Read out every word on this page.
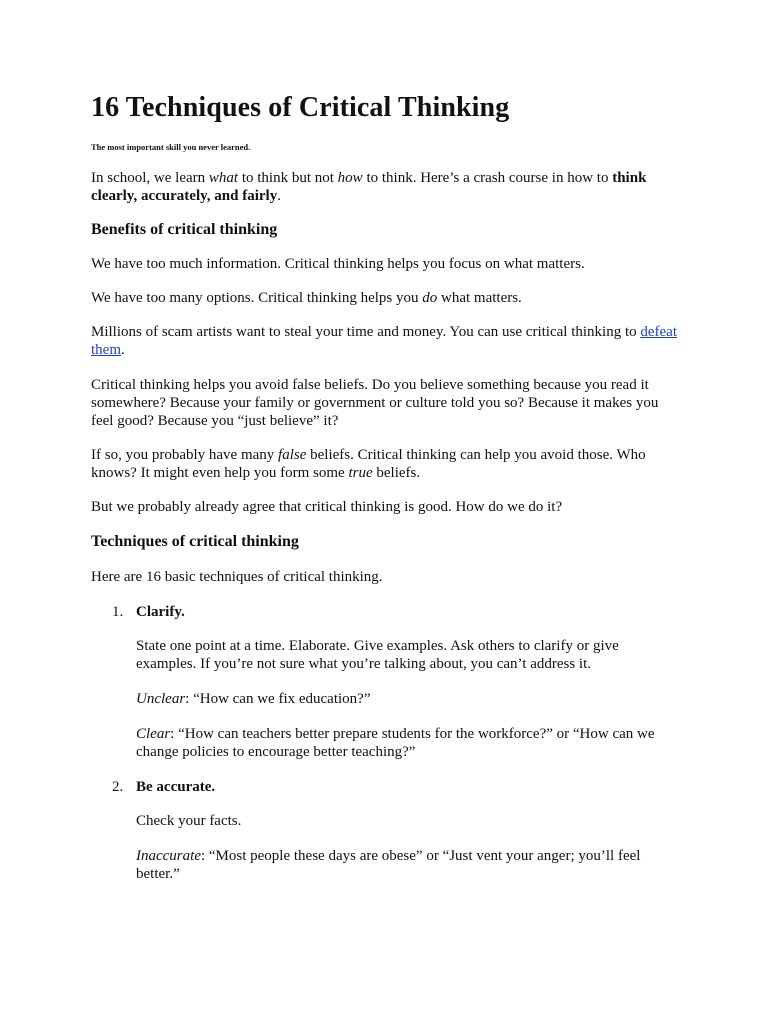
16 Techniques of Critical Thinking
The most important skill you never learned.

In school, we learn what to think but not how to think. Here’s a crash course in how to think clearly, accurately, and fairly.

Benefits of critical thinking

We have too much information. Critical thinking helps you focus on what matters.

We have too many options. Critical thinking helps you do what matters.

Millions of scam artists want to steal your time and money. You can use critical thinking to defeat them.

Critical thinking helps you avoid false beliefs. Do you believe something because you read it somewhere? Because your family or government or culture told you so? Because it makes you feel good? Because you “just believe” it?

If so, you probably have many false beliefs. Critical thinking can help you avoid those. Who knows? It might even help you form some true beliefs.

But we probably already agree that critical thinking is good. How do we do it?

Techniques of critical thinking

Here are 16 basic techniques of critical thinking.

1. Clarify.

State one point at a time. Elaborate. Give examples. Ask others to clarify or give examples. If you’re not sure what you’re talking about, you can’t address it.

Unclear: “How can we fix education?”

Clear: “How can teachers better prepare students for the workforce?” or “How can we change policies to encourage better teaching?”

2. Be accurate.

Check your facts.

Inaccurate: “Most people these days are obese” or “Just vent your anger; you’ll feel better.”
